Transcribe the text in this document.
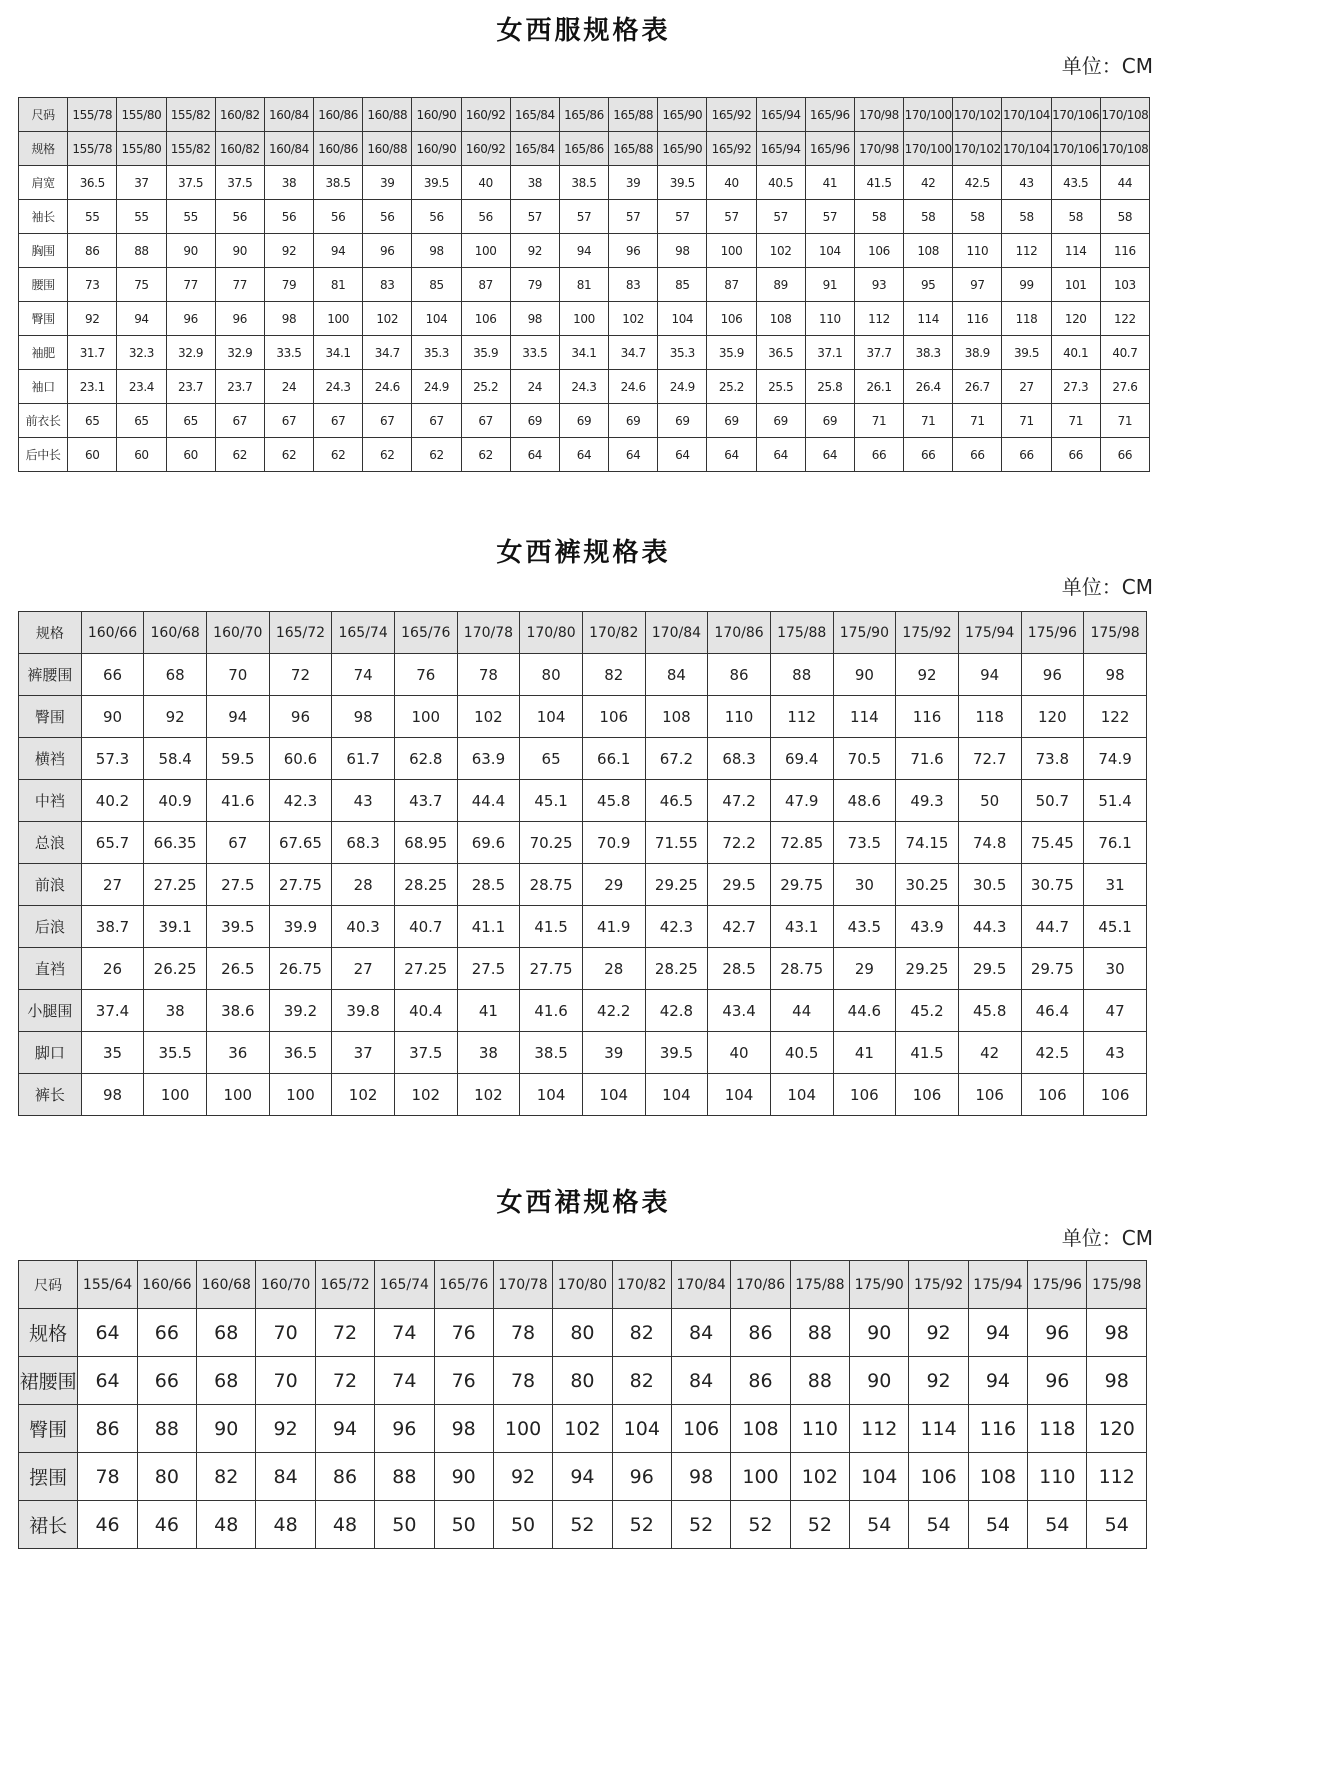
女西服规格表
单位：CM
尺码	155/78	155/80	155/82	160/82	160/84	160/86	160/88	160/90	160/92	165/84	165/86	165/88	165/90	165/92	165/94	165/96	170/98	170/100	170/102	170/104	170/106	170/108
规格	155/78	155/80	155/82	160/82	160/84	160/86	160/88	160/90	160/92	165/84	165/86	165/88	165/90	165/92	165/94	165/96	170/98	170/100	170/102	170/104	170/106	170/108
肩宽	36.5	37	37.5	37.5	38	38.5	39	39.5	40	38	38.5	39	39.5	40	40.5	41	41.5	42	42.5	43	43.5	44
袖长	55	55	55	56	56	56	56	56	56	57	57	57	57	57	57	57	58	58	58	58	58	58
胸围	86	88	90	90	92	94	96	98	100	92	94	96	98	100	102	104	106	108	110	112	114	116
腰围	73	75	77	77	79	81	83	85	87	79	81	83	85	87	89	91	93	95	97	99	101	103
臀围	92	94	96	96	98	100	102	104	106	98	100	102	104	106	108	110	112	114	116	118	120	122
袖肥	31.7	32.3	32.9	32.9	33.5	34.1	34.7	35.3	35.9	33.5	34.1	34.7	35.3	35.9	36.5	37.1	37.7	38.3	38.9	39.5	40.1	40.7
袖口	23.1	23.4	23.7	23.7	24	24.3	24.6	24.9	25.2	24	24.3	24.6	24.9	25.2	25.5	25.8	26.1	26.4	26.7	27	27.3	27.6
前衣长	65	65	65	67	67	67	67	67	67	69	69	69	69	69	69	69	71	71	71	71	71	71
后中长	60	60	60	62	62	62	62	62	62	64	64	64	64	64	64	64	66	66	66	66	66	66
女西裤规格表
单位：CM
规格	160/66	160/68	160/70	165/72	165/74	165/76	170/78	170/80	170/82	170/84	170/86	175/88	175/90	175/92	175/94	175/96	175/98
裤腰围	66	68	70	72	74	76	78	80	82	84	86	88	90	92	94	96	98
臀围	90	92	94	96	98	100	102	104	106	108	110	112	114	116	118	120	122
横裆	57.3	58.4	59.5	60.6	61.7	62.8	63.9	65	66.1	67.2	68.3	69.4	70.5	71.6	72.7	73.8	74.9
中裆	40.2	40.9	41.6	42.3	43	43.7	44.4	45.1	45.8	46.5	47.2	47.9	48.6	49.3	50	50.7	51.4
总浪	65.7	66.35	67	67.65	68.3	68.95	69.6	70.25	70.9	71.55	72.2	72.85	73.5	74.15	74.8	75.45	76.1
前浪	27	27.25	27.5	27.75	28	28.25	28.5	28.75	29	29.25	29.5	29.75	30	30.25	30.5	30.75	31
后浪	38.7	39.1	39.5	39.9	40.3	40.7	41.1	41.5	41.9	42.3	42.7	43.1	43.5	43.9	44.3	44.7	45.1
直裆	26	26.25	26.5	26.75	27	27.25	27.5	27.75	28	28.25	28.5	28.75	29	29.25	29.5	29.75	30
小腿围	37.4	38	38.6	39.2	39.8	40.4	41	41.6	42.2	42.8	43.4	44	44.6	45.2	45.8	46.4	47
脚口	35	35.5	36	36.5	37	37.5	38	38.5	39	39.5	40	40.5	41	41.5	42	42.5	43
裤长	98	100	100	100	102	102	102	104	104	104	104	104	106	106	106	106	106
女西裙规格表
单位：CM
尺码	155/64	160/66	160/68	160/70	165/72	165/74	165/76	170/78	170/80	170/82	170/84	170/86	175/88	175/90	175/92	175/94	175/96	175/98
规格	64	66	68	70	72	74	76	78	80	82	84	86	88	90	92	94	96	98
裙腰围	64	66	68	70	72	74	76	78	80	82	84	86	88	90	92	94	96	98
臀围	86	88	90	92	94	96	98	100	102	104	106	108	110	112	114	116	118	120
摆围	78	80	82	84	86	88	90	92	94	96	98	100	102	104	106	108	110	112
裙长	46	46	48	48	48	50	50	50	52	52	52	52	52	54	54	54	54	54
